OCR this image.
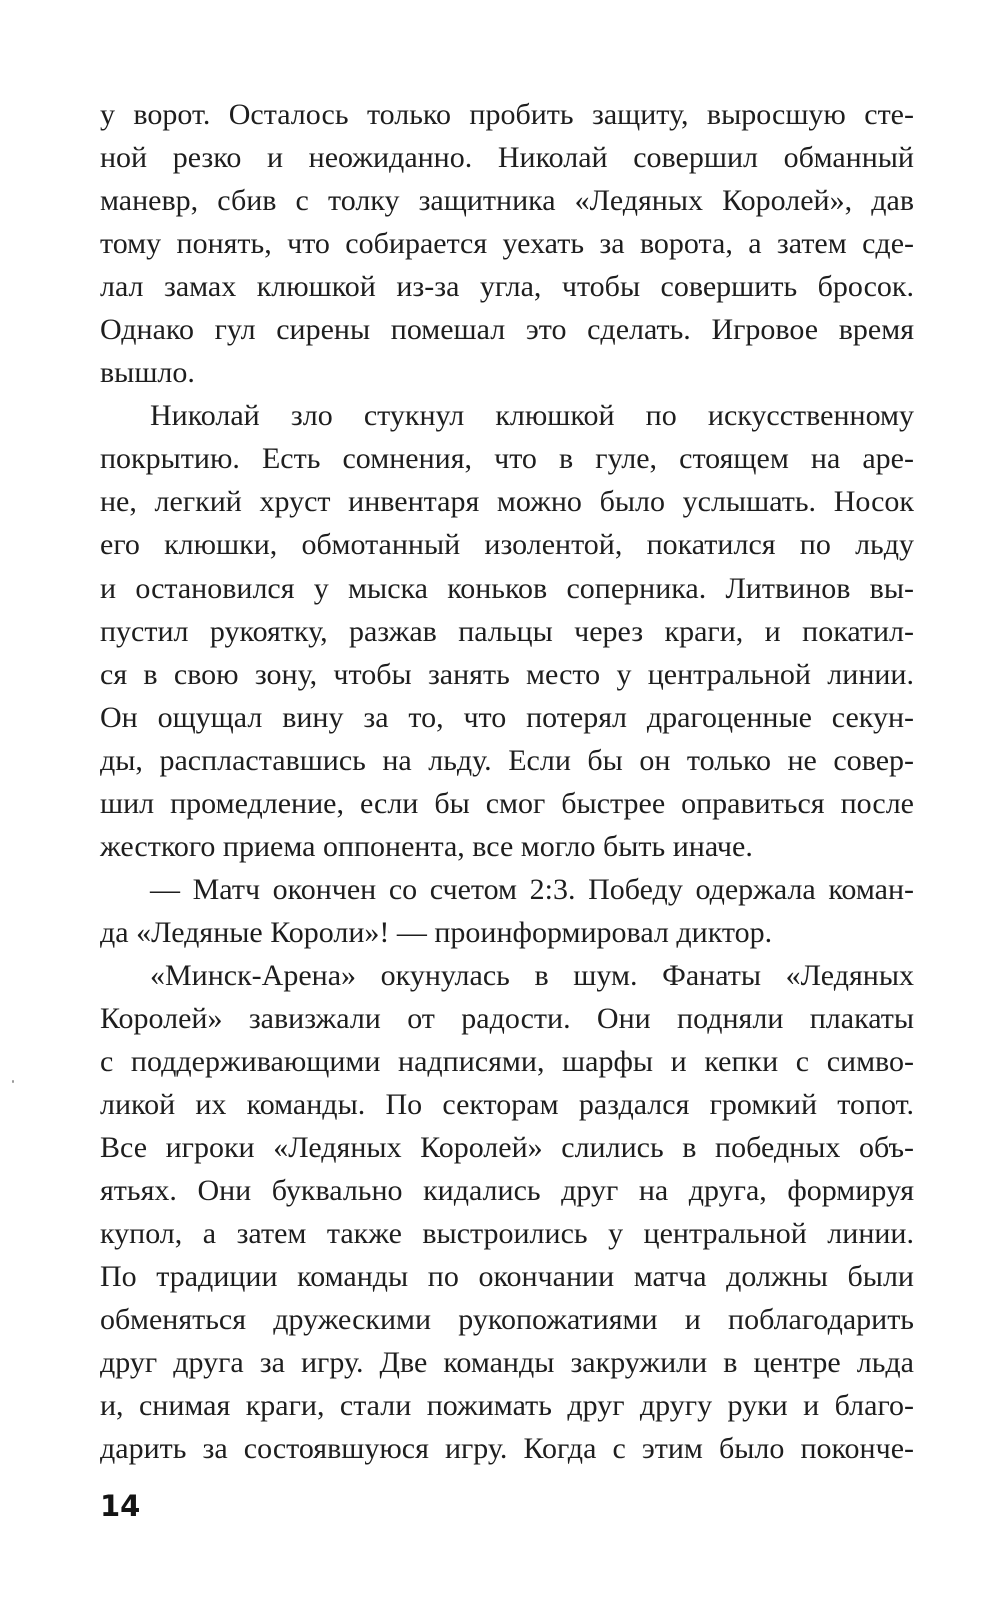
у ворот. Осталось только пробить защиту, выросшую сте-
ной резко и неожиданно. Николай совершил обманный
маневр, сбив с толку защитника «Ледяных Королей», дав
тому понять, что собирается уехать за ворота, а затем сде-
лал замах клюшкой из-за угла, чтобы совершить бросок.
Однако гул сирены помешал это сделать. Игровое время
вышло.
Николай зло стукнул клюшкой по искусственному
покрытию. Есть сомнения, что в гуле, стоящем на аре-
не, легкий хруст инвентаря можно было услышать. Носок
его клюшки, обмотанный изолентой, покатился по льду
и остановился у мыска коньков соперника. Литвинов вы-
пустил рукоятку, разжав пальцы через краги, и покатил-
ся в свою зону, чтобы занять место у центральной линии.
Он ощущал вину за то, что потерял драгоценные секун-
ды, распластавшись на льду. Если бы он только не совер-
шил промедление, если бы смог быстрее оправиться после
жесткого приема оппонента, все могло быть иначе.
— Матч окончен со счетом 2:3. Победу одержала коман-
да «Ледяные Короли»! — проинформировал диктор.
«Минск-Арена» окунулась в шум. Фанаты «Ледяных
Королей» завизжали от радости. Они подняли плакаты
с поддерживающими надписями, шарфы и кепки с симво-
ликой их команды. По секторам раздался громкий топот.
Все игроки «Ледяных Королей» слились в победных объ-
ятьях. Они буквально кидались друг на друга, формируя
купол, а затем также выстроились у центральной линии.
По традиции команды по окончании матча должны были
обменяться дружескими рукопожатиями и поблагодарить
друг друга за игру. Две команды закружили в центре льда
и, снимая краги, стали пожимать друг другу руки и благо-
дарить за состоявшуюся игру. Когда с этим было поконче-
14
